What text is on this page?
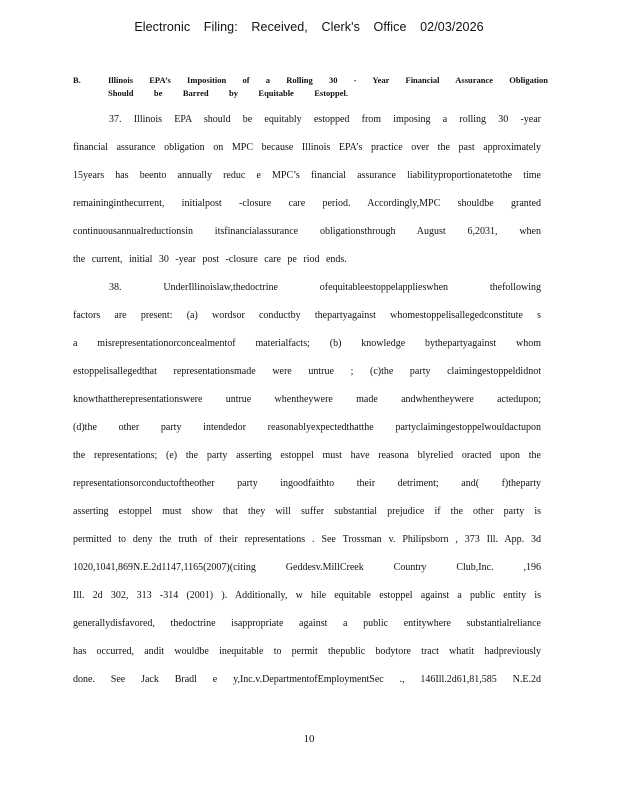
Electronic Filing: Received, Clerk's Office 02/03/2026
B.	Illinois EPA’s Imposition of a Rolling 30 - Year Financial Assurance Obligation
Should be Barred by Equitable Estoppel.
37. Illinois EPA should be equitably estopped from imposing a rolling 30 -year
financial assurance obligation on MPC because Illinois EPA’s practice over the past approximately
15years has beento annually reduc e MPC’s financial assurance liabilityproportionatetothe time
remaininginthecurrent, initialpost -closure care period. Accordingly,MPC shouldbe granted
continuousannualreductionsin itsfinancialassurance obligationsthrough August 6,2031, when
the current, initial 30 -year post -closure care pe riod ends.
38. UnderIllinoislaw,thedoctrine ofequitableestoppelapplieswhen thefollowing
factors are present: (a) wordsor conductby thepartyagainst whomestoppelisallegedconstitute s
a misrepresentationorconcealmentof materialfacts; (b) knowledge bythepartyagainst whom
estoppelisallegedthat representationsmade were untrue ; (c)the party claimingestoppeldidnot
knowthattherepresentationswere untrue whentheywere made andwhentheywere actedupon;
(d)the other party intendedor reasonablyexpectedthatthe partyclaimingestoppelwouldactupon
the representations; (e) the party asserting estoppel must have reasona blyrelied oracted upon the
representationsorconductoftheother party ingoodfaithto their detriment; and( f)theparty
asserting estoppel must show that they will suffer substantial prejudice if the other party is
permitted to deny the truth of their representations . See Trossman v. Philipsborn , 373 Ill. App. 3d
1020,1041,869N.E.2d1147,1165(2007)(citing Geddesv.MillCreek Country Club,Inc. ,196
Ill. 2d 302, 313 -314 (2001) ). Additionally, w hile equitable estoppel against a public entity is
generallydisfavored, thedoctrine isappropriate against a public entitywhere substantialreliance
has occurred, andit wouldbe inequitable to permit thepublic bodytore tract whatit hadpreviously
done. See Jack Bradl e y,Inc.v.DepartmentofEmploymentSec ., 146Ill.2d61,81,585 N.E.2d
10
